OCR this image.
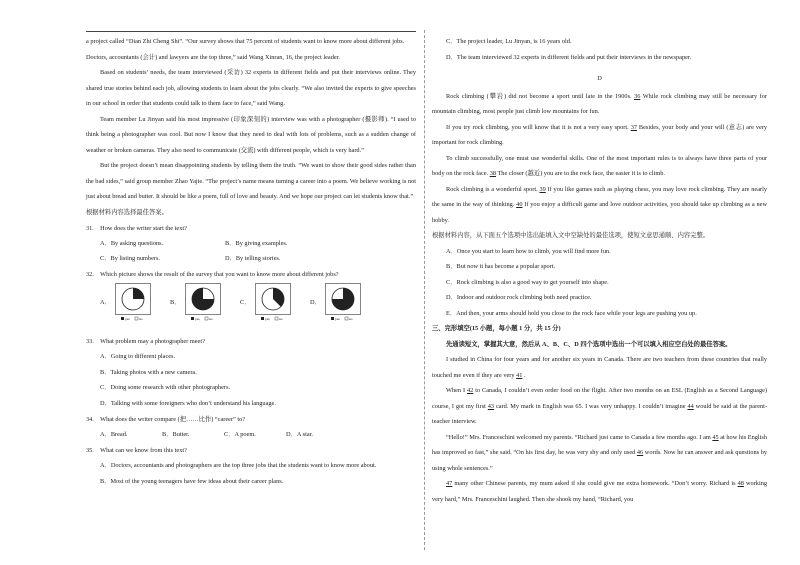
a project called “Dian Zhi Cheng Shi”. “Our survey shows that 75 percent of students want to know more about different jobs. Doctors, accountants (会计) and lawyers are the top three,” said Wang Xinran, 16, the project leader.

Based on students’ needs, the team interviewed (采访) 32 experts in different fields and put their interviews online. They shared true stories behind each job, allowing students to learn about the jobs clearly. “We also invited the experts to give speeches in our school in order that students could talk to them face to face,” said Wang.

Team member Lu Jinyan said his most impressive (印象深刻的) interview was with a photographer (摄影师). “I used to think being a photographer was cool. But now I know that they need to deal with lots of problems, such as a sudden change of weather or broken cameras. They also need to communicate (交流) with different people, which is very hard.”

But the project doesn’t mean disappointing students by telling them the truth. “We want to show their good sides rather than the bad sides,” said group member Zhao Yajie. “The project’s name means turning a career into a poem. We believe working is not just about bread and butter. It should be like a poem, full of love and beauty. And we hope our project can let students know that.”

根据材料内容选择最佳答案。

31.　How does the writer start the text?

A．By asking questions.	B．By giving examples.
C．By listing numbers.	D．By telling stories.

32.　Which picture shows the result of the survey that you want to know more about different jobs?

A．
yes	no
B．
yes	no
C．
yes	no
D．
yes	no

33.　What problem may a photographer meet?

A．Going to different places.

B．Taking photos with a new camera.

C．Doing some research with other photographers.

D．Talking with some foreigners who don’t understand his language.

34.　What does the writer compare (把……比作) “career” to?

A．Bread.	B．Butter.	C．A poem.	D．A star.

35.　What can we know from this text?

A．Doctors, accountants and photographers are the top three jobs that the students want to know more about.

B．Most of the young teenagers have few ideas about their career plans.

C．The project leader, Lu Jinyan, is 16 years old.

D．The team interviewed 32 experts in different fields and put their interviews in the newspaper.

D

Rock climbing (攀岩) did not become a sport until late in the 1900s. 36 While rock climbing may still be necessary for mountain climbing, most people just climb low mountains for fun.

If you try rock climbing, you will know that it is not a very easy sport. 37 Besides, your body and your will (意志) are very important for rock climbing.

To climb successfully, one must use wonderful skills. One of the most important rules is to always have three parts of your body on the rock face. 38 The closer (越近) you are to the rock face, the easier it is to climb.

Rock climbing is a wonderful sport. 39 If you like games such as playing chess, you may love rock climbing. They are nearly the same in the way of thinking. 40 If you enjoy a difficult game and love outdoor activities, you should take up climbing as a new hobby.

根据材料内容，从下面五个选项中选出能填入文中空缺处的最佳选项，使短文意思通顺、内容完整。

A．Once you start to learn how to climb, you will find more fun.

B．But now it has become a popular sport.

C．Rock climbing is also a good way to get yourself into shape.

D．Indoor and outdoor rock climbing both need practice.

E．And then, your arms should hold you close to the rock face while your legs are pushing you up.

三、完形填空(15 小题，每小题 1 分，共 15 分)

先通读短文，掌握其大意，然后从 A、B、C、D 四个选项中选出一个可以填入相应空白处的最佳答案。

I studied in China for four years and for another six years in Canada. There are two teachers from these countries that really touched me even if they are very 41 .

When I 42 to Canada, I couldn’t even order food on the flight. After two months on an ESL (English as a Second Language) course, I got my first 43 card. My mark in English was 65. I was very unhappy. I couldn’t imagine 44 would be said at the parent-teacher interview.

“Hello!” Mrs. Franceschini welcomed my parents. “Richard just came to Canada a few months ago. I am 45 at how his English has improved so fast,” she said. “On his first day, he was very shy and only used 46 words. Now he can answer and ask questions by using whole sentences.”

47 many other Chinese parents, my mum asked if she could give me extra homework. “Don’t worry. Richard is 48 working very hard,” Mrs. Franceschini laughed. Then she shook my hand, “Richard, you
